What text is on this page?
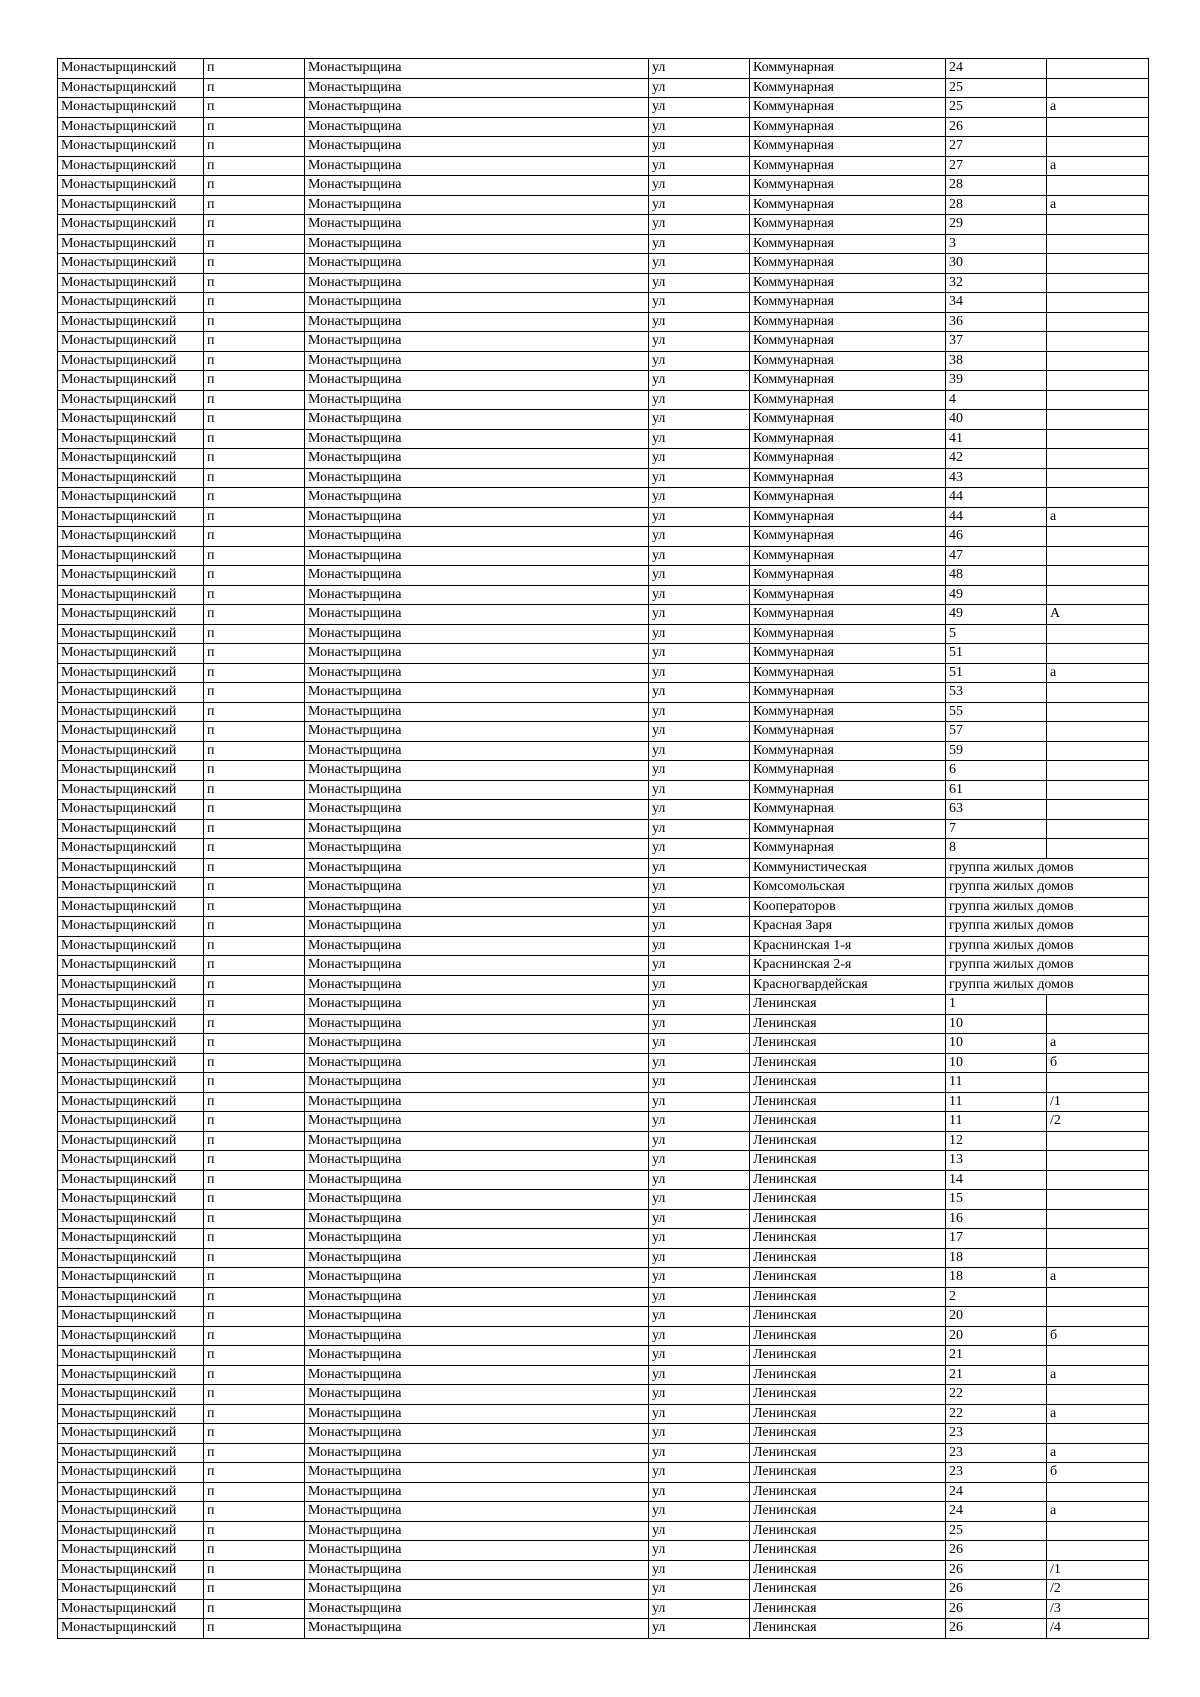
Монастырщинский	п	Монастырщина	ул	Коммунарная	24	
Монастырщинский	п	Монастырщина	ул	Коммунарная	25	
Монастырщинский	п	Монастырщина	ул	Коммунарная	25	а
Монастырщинский	п	Монастырщина	ул	Коммунарная	26	
Монастырщинский	п	Монастырщина	ул	Коммунарная	27	
Монастырщинский	п	Монастырщина	ул	Коммунарная	27	а
Монастырщинский	п	Монастырщина	ул	Коммунарная	28	
Монастырщинский	п	Монастырщина	ул	Коммунарная	28	а
Монастырщинский	п	Монастырщина	ул	Коммунарная	29	
Монастырщинский	п	Монастырщина	ул	Коммунарная	3	
Монастырщинский	п	Монастырщина	ул	Коммунарная	30	
Монастырщинский	п	Монастырщина	ул	Коммунарная	32	
Монастырщинский	п	Монастырщина	ул	Коммунарная	34	
Монастырщинский	п	Монастырщина	ул	Коммунарная	36	
Монастырщинский	п	Монастырщина	ул	Коммунарная	37	
Монастырщинский	п	Монастырщина	ул	Коммунарная	38	
Монастырщинский	п	Монастырщина	ул	Коммунарная	39	
Монастырщинский	п	Монастырщина	ул	Коммунарная	4	
Монастырщинский	п	Монастырщина	ул	Коммунарная	40	
Монастырщинский	п	Монастырщина	ул	Коммунарная	41	
Монастырщинский	п	Монастырщина	ул	Коммунарная	42	
Монастырщинский	п	Монастырщина	ул	Коммунарная	43	
Монастырщинский	п	Монастырщина	ул	Коммунарная	44	
Монастырщинский	п	Монастырщина	ул	Коммунарная	44	а
Монастырщинский	п	Монастырщина	ул	Коммунарная	46	
Монастырщинский	п	Монастырщина	ул	Коммунарная	47	
Монастырщинский	п	Монастырщина	ул	Коммунарная	48	
Монастырщинский	п	Монастырщина	ул	Коммунарная	49	
Монастырщинский	п	Монастырщина	ул	Коммунарная	49	А
Монастырщинский	п	Монастырщина	ул	Коммунарная	5	
Монастырщинский	п	Монастырщина	ул	Коммунарная	51	
Монастырщинский	п	Монастырщина	ул	Коммунарная	51	а
Монастырщинский	п	Монастырщина	ул	Коммунарная	53	
Монастырщинский	п	Монастырщина	ул	Коммунарная	55	
Монастырщинский	п	Монастырщина	ул	Коммунарная	57	
Монастырщинский	п	Монастырщина	ул	Коммунарная	59	
Монастырщинский	п	Монастырщина	ул	Коммунарная	6	
Монастырщинский	п	Монастырщина	ул	Коммунарная	61	
Монастырщинский	п	Монастырщина	ул	Коммунарная	63	
Монастырщинский	п	Монастырщина	ул	Коммунарная	7	
Монастырщинский	п	Монастырщина	ул	Коммунарная	8	
Монастырщинский	п	Монастырщина	ул	Коммунистическая	группа жилых домов	
Монастырщинский	п	Монастырщина	ул	Комсомольская	группа жилых домов	
Монастырщинский	п	Монастырщина	ул	Кооператоров	группа жилых домов	
Монастырщинский	п	Монастырщина	ул	Красная Заря	группа жилых домов	
Монастырщинский	п	Монастырщина	ул	Краснинская 1-я	группа жилых домов	
Монастырщинский	п	Монастырщина	ул	Краснинская 2-я	группа жилых домов	
Монастырщинский	п	Монастырщина	ул	Красногвардейская	группа жилых домов	
Монастырщинский	п	Монастырщина	ул	Ленинская	1	
Монастырщинский	п	Монастырщина	ул	Ленинская	10	
Монастырщинский	п	Монастырщина	ул	Ленинская	10	а
Монастырщинский	п	Монастырщина	ул	Ленинская	10	б
Монастырщинский	п	Монастырщина	ул	Ленинская	11	
Монастырщинский	п	Монастырщина	ул	Ленинская	11	/1
Монастырщинский	п	Монастырщина	ул	Ленинская	11	/2
Монастырщинский	п	Монастырщина	ул	Ленинская	12	
Монастырщинский	п	Монастырщина	ул	Ленинская	13	
Монастырщинский	п	Монастырщина	ул	Ленинская	14	
Монастырщинский	п	Монастырщина	ул	Ленинская	15	
Монастырщинский	п	Монастырщина	ул	Ленинская	16	
Монастырщинский	п	Монастырщина	ул	Ленинская	17	
Монастырщинский	п	Монастырщина	ул	Ленинская	18	
Монастырщинский	п	Монастырщина	ул	Ленинская	18	а
Монастырщинский	п	Монастырщина	ул	Ленинская	2	
Монастырщинский	п	Монастырщина	ул	Ленинская	20	
Монастырщинский	п	Монастырщина	ул	Ленинская	20	б
Монастырщинский	п	Монастырщина	ул	Ленинская	21	
Монастырщинский	п	Монастырщина	ул	Ленинская	21	а
Монастырщинский	п	Монастырщина	ул	Ленинская	22	
Монастырщинский	п	Монастырщина	ул	Ленинская	22	а
Монастырщинский	п	Монастырщина	ул	Ленинская	23	
Монастырщинский	п	Монастырщина	ул	Ленинская	23	а
Монастырщинский	п	Монастырщина	ул	Ленинская	23	б
Монастырщинский	п	Монастырщина	ул	Ленинская	24	
Монастырщинский	п	Монастырщина	ул	Ленинская	24	а
Монастырщинский	п	Монастырщина	ул	Ленинская	25	
Монастырщинский	п	Монастырщина	ул	Ленинская	26	
Монастырщинский	п	Монастырщина	ул	Ленинская	26	/1
Монастырщинский	п	Монастырщина	ул	Ленинская	26	/2
Монастырщинский	п	Монастырщина	ул	Ленинская	26	/3
Монастырщинский	п	Монастырщина	ул	Ленинская	26	/4
